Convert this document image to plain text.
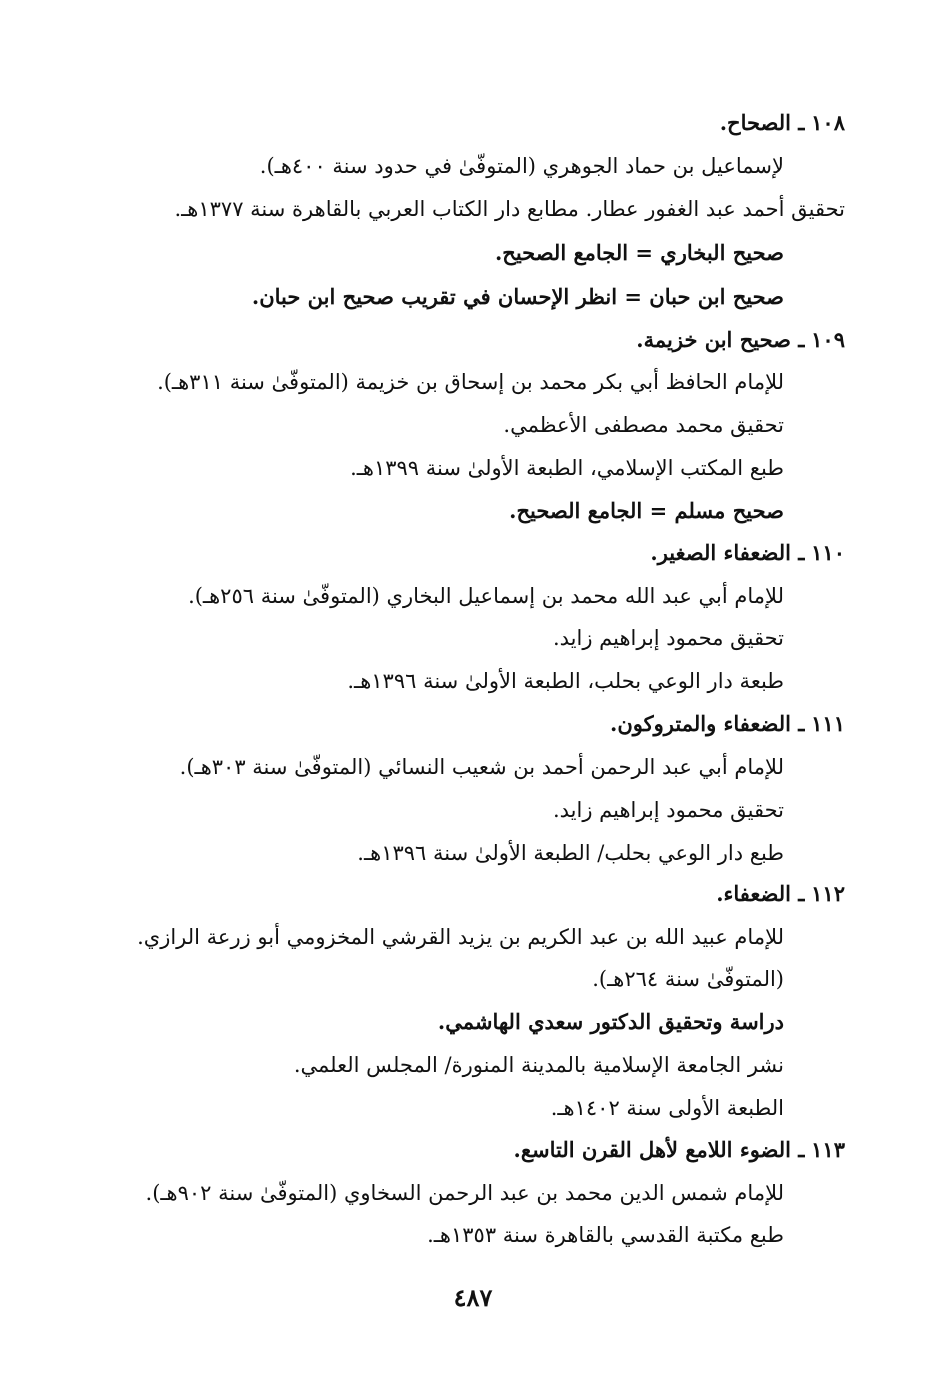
١٠٨ ـ الصحاح.
لإسماعيل بن حماد الجوهري (المتوفّىٰ في حدود سنة ٤٠٠هـ).
تحقيق أحمد عبد الغفور عطار. مطابع دار الكتاب العربي بالقاهرة سنة ١٣٧٧هـ.
صحيح البخاري = الجامع الصحيح.
صحيح ابن حبان = انظر الإحسان في تقريب صحيح ابن حبان.
١٠٩ ـ صحيح ابن خزيمة.
للإمام الحافظ أبي بكر محمد بن إسحاق بن خزيمة (المتوفّىٰ سنة ٣١١هـ).
تحقيق محمد مصطفى الأعظمي.
طبع المكتب الإسلامي، الطبعة الأولىٰ سنة ١٣٩٩هـ.
صحيح مسلم = الجامع الصحيح.
١١٠ ـ الضعفاء الصغير.
للإمام أبي عبد الله محمد بن إسماعيل البخاري (المتوفّىٰ سنة ٢٥٦هـ).
تحقيق محمود إبراهيم زايد.
طبعة دار الوعي بحلب، الطبعة الأولىٰ سنة ١٣٩٦هـ.
١١١ ـ الضعفاء والمتروكون.
للإمام أبي عبد الرحمن أحمد بن شعيب النسائي (المتوفّىٰ سنة ٣٠٣هـ).
تحقيق محمود إبراهيم زايد.
طبع دار الوعي بحلب/ الطبعة الأولىٰ سنة ١٣٩٦هـ.
١١٢ ـ الضعفاء.
للإمام عبيد الله بن عبد الكريم بن يزيد القرشي المخزومي أبو زرعة الرازي.
(المتوفّىٰ سنة ٢٦٤هـ).
دراسة وتحقيق الدكتور سعدي الهاشمي.
نشر الجامعة الإسلامية بالمدينة المنورة/ المجلس العلمي.
الطبعة الأولى سنة ١٤٠٢هـ.
١١٣ ـ الضوء اللامع لأهل القرن التاسع.
للإمام شمس الدين محمد بن عبد الرحمن السخاوي (المتوفّىٰ سنة ٩٠٢هـ).
طبع مكتبة القدسي بالقاهرة سنة ١٣٥٣هـ.
٤٨٧
